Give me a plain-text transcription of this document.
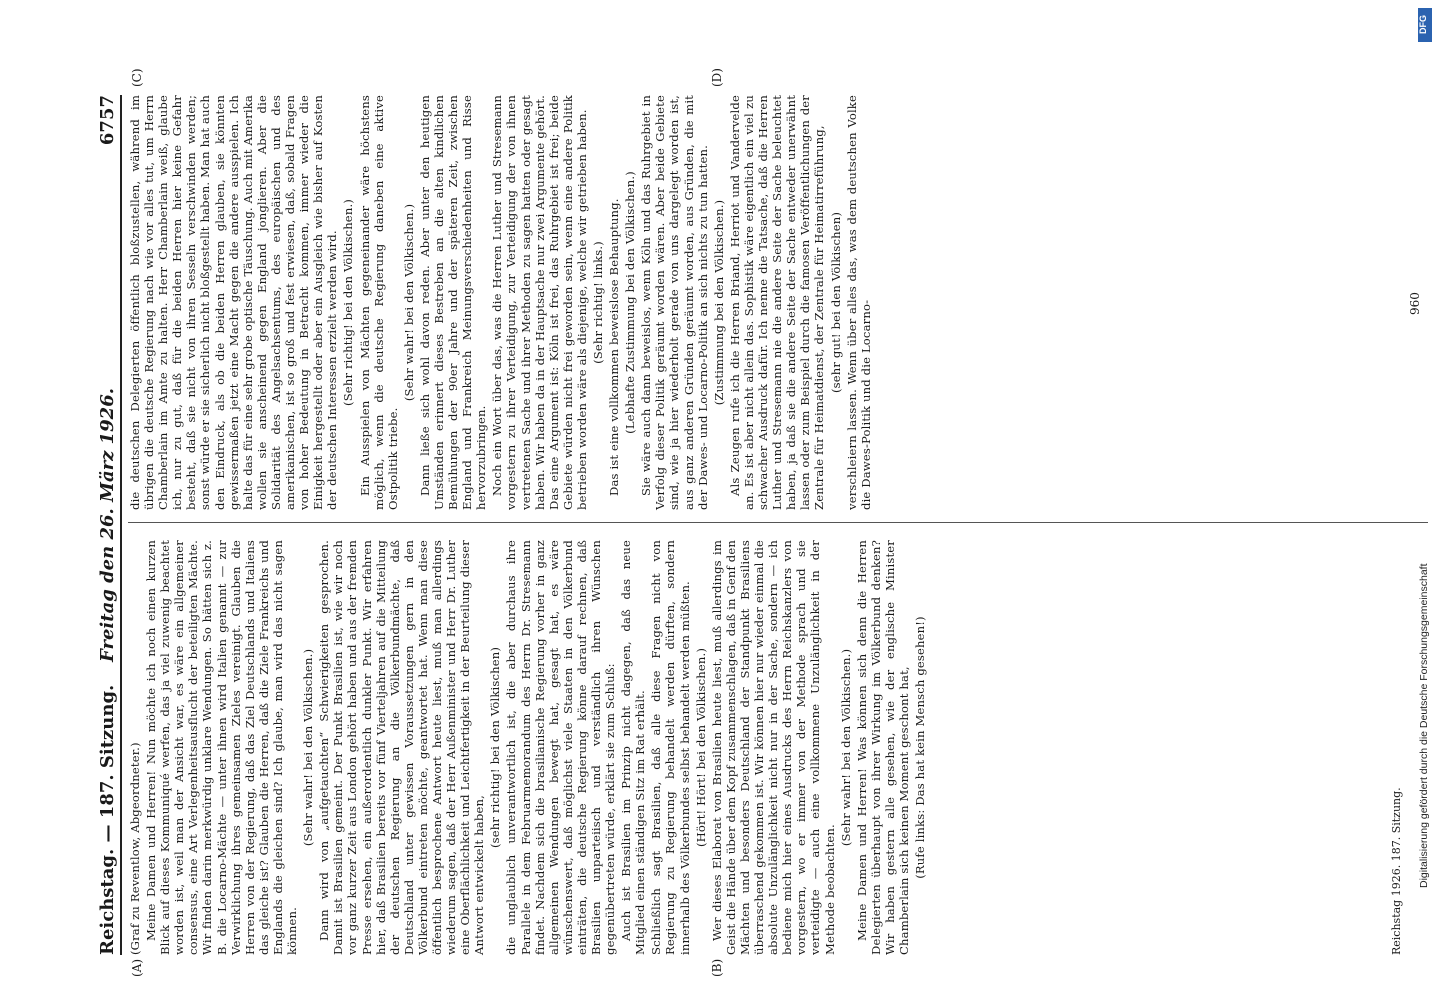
Reichstag. — 187. Sitzung.
Freitag den 26. März 1926.
6757

(Graf zu Reventlow, Abgeordneter.) Meine Damen und Herren! Nun möchte ich noch einen kurzen Blick auf dieses Kommuniqué werfen, das ja viel zuwenig beachtet worden ist, weil man der Ansicht war, es wäre ein allgemeiner consensus, eine Art Verlegenheitsausflucht der beteiligten Mächte. Wir finden darin merkwürdig unklare Wendungen. So hätten sich z. B. die Locarno-Mächte — unter ihnen wird Italien genannt — zur Verwirklichung ihres gemeinsamen Zieles vereinigt. Glauben die Herren von der Regierung, daß das Ziel Deutschlands und Italiens das gleiche ist? Glauben die Herren, daß die Ziele Frankreichs und Englands die gleichen sind? Ich glaube, man wird das nicht sagen können.

(Sehr wahr! bei den Völkischen.) Dann wird von „aufgetauchten“ Schwierigkeiten gesprochen. Damit ist Brasilien gemeint. Der Punkt Brasilien ist, wie wir noch vor ganz kurzer Zeit aus London gehört haben und aus der fremden Presse ersehen, ein außerordentlich dunkler Punkt. Wir erfahren hier, daß Brasilien bereits vor fünf Vierteljahren auf die Mitteilung der deutschen Regierung an die Völkerbundmächte, daß Deutschland unter gewissen Voraussetzungen gern in den Völkerbund eintreten möchte, geantwortet hat. Wenn man diese öffentlich besprochene Antwort heute liest, muß man allerdings wiederum sagen, daß der Herr Außenminister und Herr Dr. Luther eine Oberflächlichkeit und Leichtfertigkeit in der Beurteilung dieser Antwort entwickelt haben,

(sehr richtig! bei den Völkischen) die unglaublich unverantwortlich ist, die aber durchaus ihre Parallele in dem Februarmemorandum des Herrn Dr. Stresemann findet. Nachdem sich die brasilianische Regierung vorher in ganz allgemeinen Wendungen bewegt hat, gesagt hat, es wäre wünschenswert, daß möglichst viele Staaten in den Völkerbund einträten, die deutsche Regierung könne darauf rechnen, daß Brasilien unparteiisch und verständlich ihren Wünschen gegenübertreten würde, erklärt sie zum Schluß: Auch ist Brasilien im Prinzip nicht dagegen, daß das neue Mitglied einen ständigen Sitz im Rat erhält. Schließlich sagt Brasilien, daß alle diese Fragen nicht von Regierung zu Regierung behandelt werden dürften, sondern innerhalb des Völkerbundes selbst behandelt werden müßten. (Hört! Hört! bei den Völkischen.) Wer dieses Elaborat von Brasilien heute liest, muß allerdings im Geist die Hände über dem Kopf zusammenschlagen, daß in Genf den Mächten und besonders Deutschland der Standpunkt Brasiliens überraschend gekommen ist. Wir können hier nur wieder einmal die absolute Unzulänglichkeit nicht nur in der Sache, sondern — ich bediene mich hier eines Ausdrucks des Herrn Reichskanzlers von vorgestern, wo er immer von der Methode sprach und sie verteidigte — auch eine vollkommene Unzulänglichkeit in der Methode beobachten.

(Sehr wahr! bei den Völkischen.) Meine Damen und Herren! Was können sich denn die Herren Delegierten überhaupt von ihrer Wirkung im Völkerbund denken? Wir haben gestern alle gesehen, wie der englische Minister Chamberlain sich keinen Moment geschont hat, (Rufe links: Das hat kein Mensch gesehen!)

die deutschen Delegierten öffentlich bloßzustellen, während im übrigen die deutsche Regierung nach wie vor alles tut, um Herrn Chamberlain im Amte zu halten. Herr Chamberlain weiß, glaube ich, nur zu gut, daß für die beiden Herren hier keine Gefahr besteht, daß sie nicht von ihren Sesseln verschwinden werden; sonst würde er sie sicherlich nicht bloßgestellt haben. Man hat auch den Eindruck, als ob die beiden Herren glauben, sie könnten gewissermaßen jetzt eine Macht gegen die andere ausspielen. Ich halte das für eine sehr grobe optische Täuschung. Auch mit Amerika wollen sie anscheinend gegen England jonglieren. Aber die Solidarität des Angelsachsentums, des europäischen und des amerikanischen, ist so groß und fest erwiesen, daß, sobald Fragen von hoher Bedeutung in Betracht kommen, immer wieder die Einigkeit hergestellt oder aber ein Ausgleich wie bisher auf Kosten der deutschen Interessen erzielt werden wird. (Sehr richtig! bei den Völkischen.) Ein Ausspielen von Mächten gegeneinander wäre höchstens möglich, wenn die deutsche Regierung daneben eine aktive Ostpolitik triebe.

(Sehr wahr! bei den Völkischen.) Dann ließe sich wohl davon reden. Aber unter den heutigen Umständen erinnert dieses Bestreben an die alten kindlichen Bemühungen der 90er Jahre und der späteren Zeit, zwischen England und Frankreich Meinungsverschiedenheiten und Risse hervorzubringen. Noch ein Wort über das, was die Herren Luther und Stresemann vorgestern zu ihrer Verteidigung, zur Verteidigung der von ihnen vertretenen Sache und ihrer Methoden zu sagen hatten oder gesagt haben. Wir haben da in der Hauptsache nur zwei Argumente gehört. Das eine Argument ist: Köln ist frei, das Ruhrgebiet ist frei; beide Gebiete würden nicht frei geworden sein, wenn eine andere Politik betrieben worden wäre als diejenige, welche wir getrieben haben. (Sehr richtig! links.) Das ist eine vollkommen beweislose Behauptung. (Lebhafte Zustimmung bei den Völkischen.) Sie wäre auch dann beweislos, wenn Köln und das Ruhrgebiet in Verfolg dieser Politik geräumt worden wären. Aber beide Gebiete sind, wie ja hier wiederholt gerade von uns dargelegt worden ist, aus ganz anderen Gründen geräumt worden, aus Gründen, die mit der Dawes- und Locarno-Politik an sich nichts zu tun hatten. (Zustimmung bei den Völkischen.) Als Zeugen rufe ich die Herren Briand, Herriot und Vandervelde an. Es ist aber nicht allein das. Sophistik wäre eigentlich ein viel zu schwacher Ausdruck dafür. Ich nenne die Tatsache, daß die Herren Luther und Stresemann nie die andere Seite der Sache beleuchtet haben, ja daß sie die andere Seite der Sache entweder unerwähnt lassen oder zum Beispiel durch die famosen Veröffentlichungen der Zentrale für Heimatdienst, der Zentrale für Heimatirreführung, (sehr gut! bei den Völkischen) verschleiern lassen. Wenn über alles das, was dem deutschen Volke die Dawes-Politik und die Locarno-

(A)	(B)
(C)	(D)
Reichstag 1926. 187. Sitzung.
960
DFG
Digitalisierung gefördert durch die Deutsche Forschungsgemeinschaft
